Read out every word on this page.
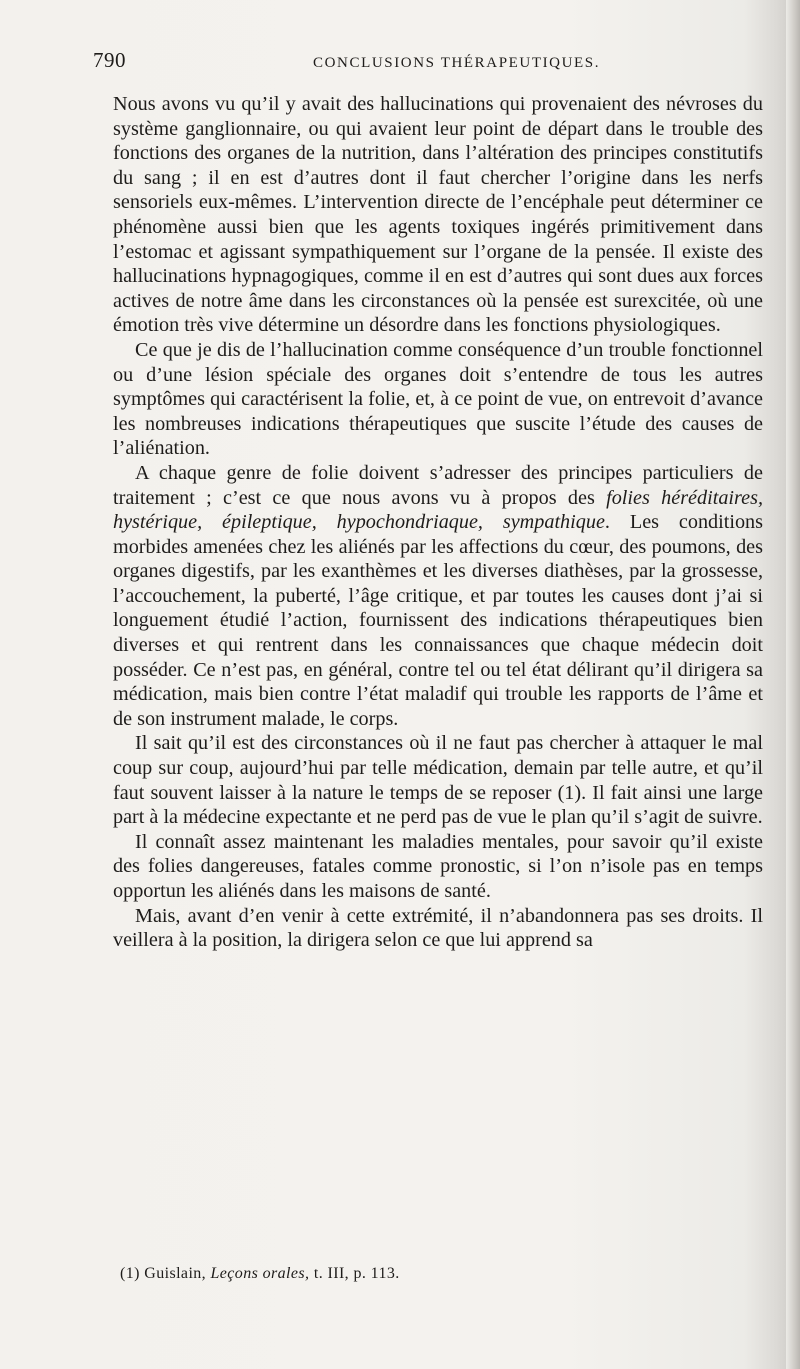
790	CONCLUSIONS THÉRAPEUTIQUES.

Nous avons vu qu’il y avait des hallucinations qui provenaient des névroses du système ganglionnaire, ou qui avaient leur point de départ dans le trouble des fonctions des organes de la nutrition, dans l’altération des principes constitutifs du sang ; il en est d’autres dont il faut chercher l’origine dans les nerfs sensoriels eux-mêmes. L’intervention directe de l’encéphale peut déterminer ce phénomène aussi bien que les agents toxiques ingérés primitivement dans l’estomac et agissant sympathiquement sur l’organe de la pensée. Il existe des hallucinations hypnagogiques, comme il en est d’autres qui sont dues aux forces actives de notre âme dans les circonstances où la pensée est surexcitée, où une émotion très vive détermine un désordre dans les fonctions physiologiques.

Ce que je dis de l’hallucination comme conséquence d’un trouble fonctionnel ou d’une lésion spéciale des organes doit s’entendre de tous les autres symptômes qui caractérisent la folie, et, à ce point de vue, on entrevoit d’avance les nombreuses indications thérapeutiques que suscite l’étude des causes de l’aliénation.

A chaque genre de folie doivent s’adresser des principes particuliers de traitement ; c’est ce que nous avons vu à propos des folies héréditaires, hystérique, épileptique, hypochondriaque, sympathique. Les conditions morbides amenées chez les aliénés par les affections du cœur, des poumons, des organes digestifs, par les exanthèmes et les diverses diathèses, par la grossesse, l’accouchement, la puberté, l’âge critique, et par toutes les causes dont j’ai si longuement étudié l’action, fournissent des indications thérapeutiques bien diverses et qui rentrent dans les connaissances que chaque médecin doit posséder. Ce n’est pas, en général, contre tel ou tel état délirant qu’il dirigera sa médication, mais bien contre l’état maladif qui trouble les rapports de l’âme et de son instrument malade, le corps.

Il sait qu’il est des circonstances où il ne faut pas chercher à attaquer le mal coup sur coup, aujourd’hui par telle médication, demain par telle autre, et qu’il faut souvent laisser à la nature le temps de se reposer (1). Il fait ainsi une large part à la médecine expectante et ne perd pas de vue le plan qu’il s’agit de suivre.

Il connaît assez maintenant les maladies mentales, pour savoir qu’il existe des folies dangereuses, fatales comme pronostic, si l’on n’isole pas en temps opportun les aliénés dans les maisons de santé.

Mais, avant d’en venir à cette extrémité, il n’abandonnera pas ses droits. Il veillera à la position, la dirigera selon ce que lui apprend sa

(1) Guislain, Leçons orales, t. III, p. 113.
